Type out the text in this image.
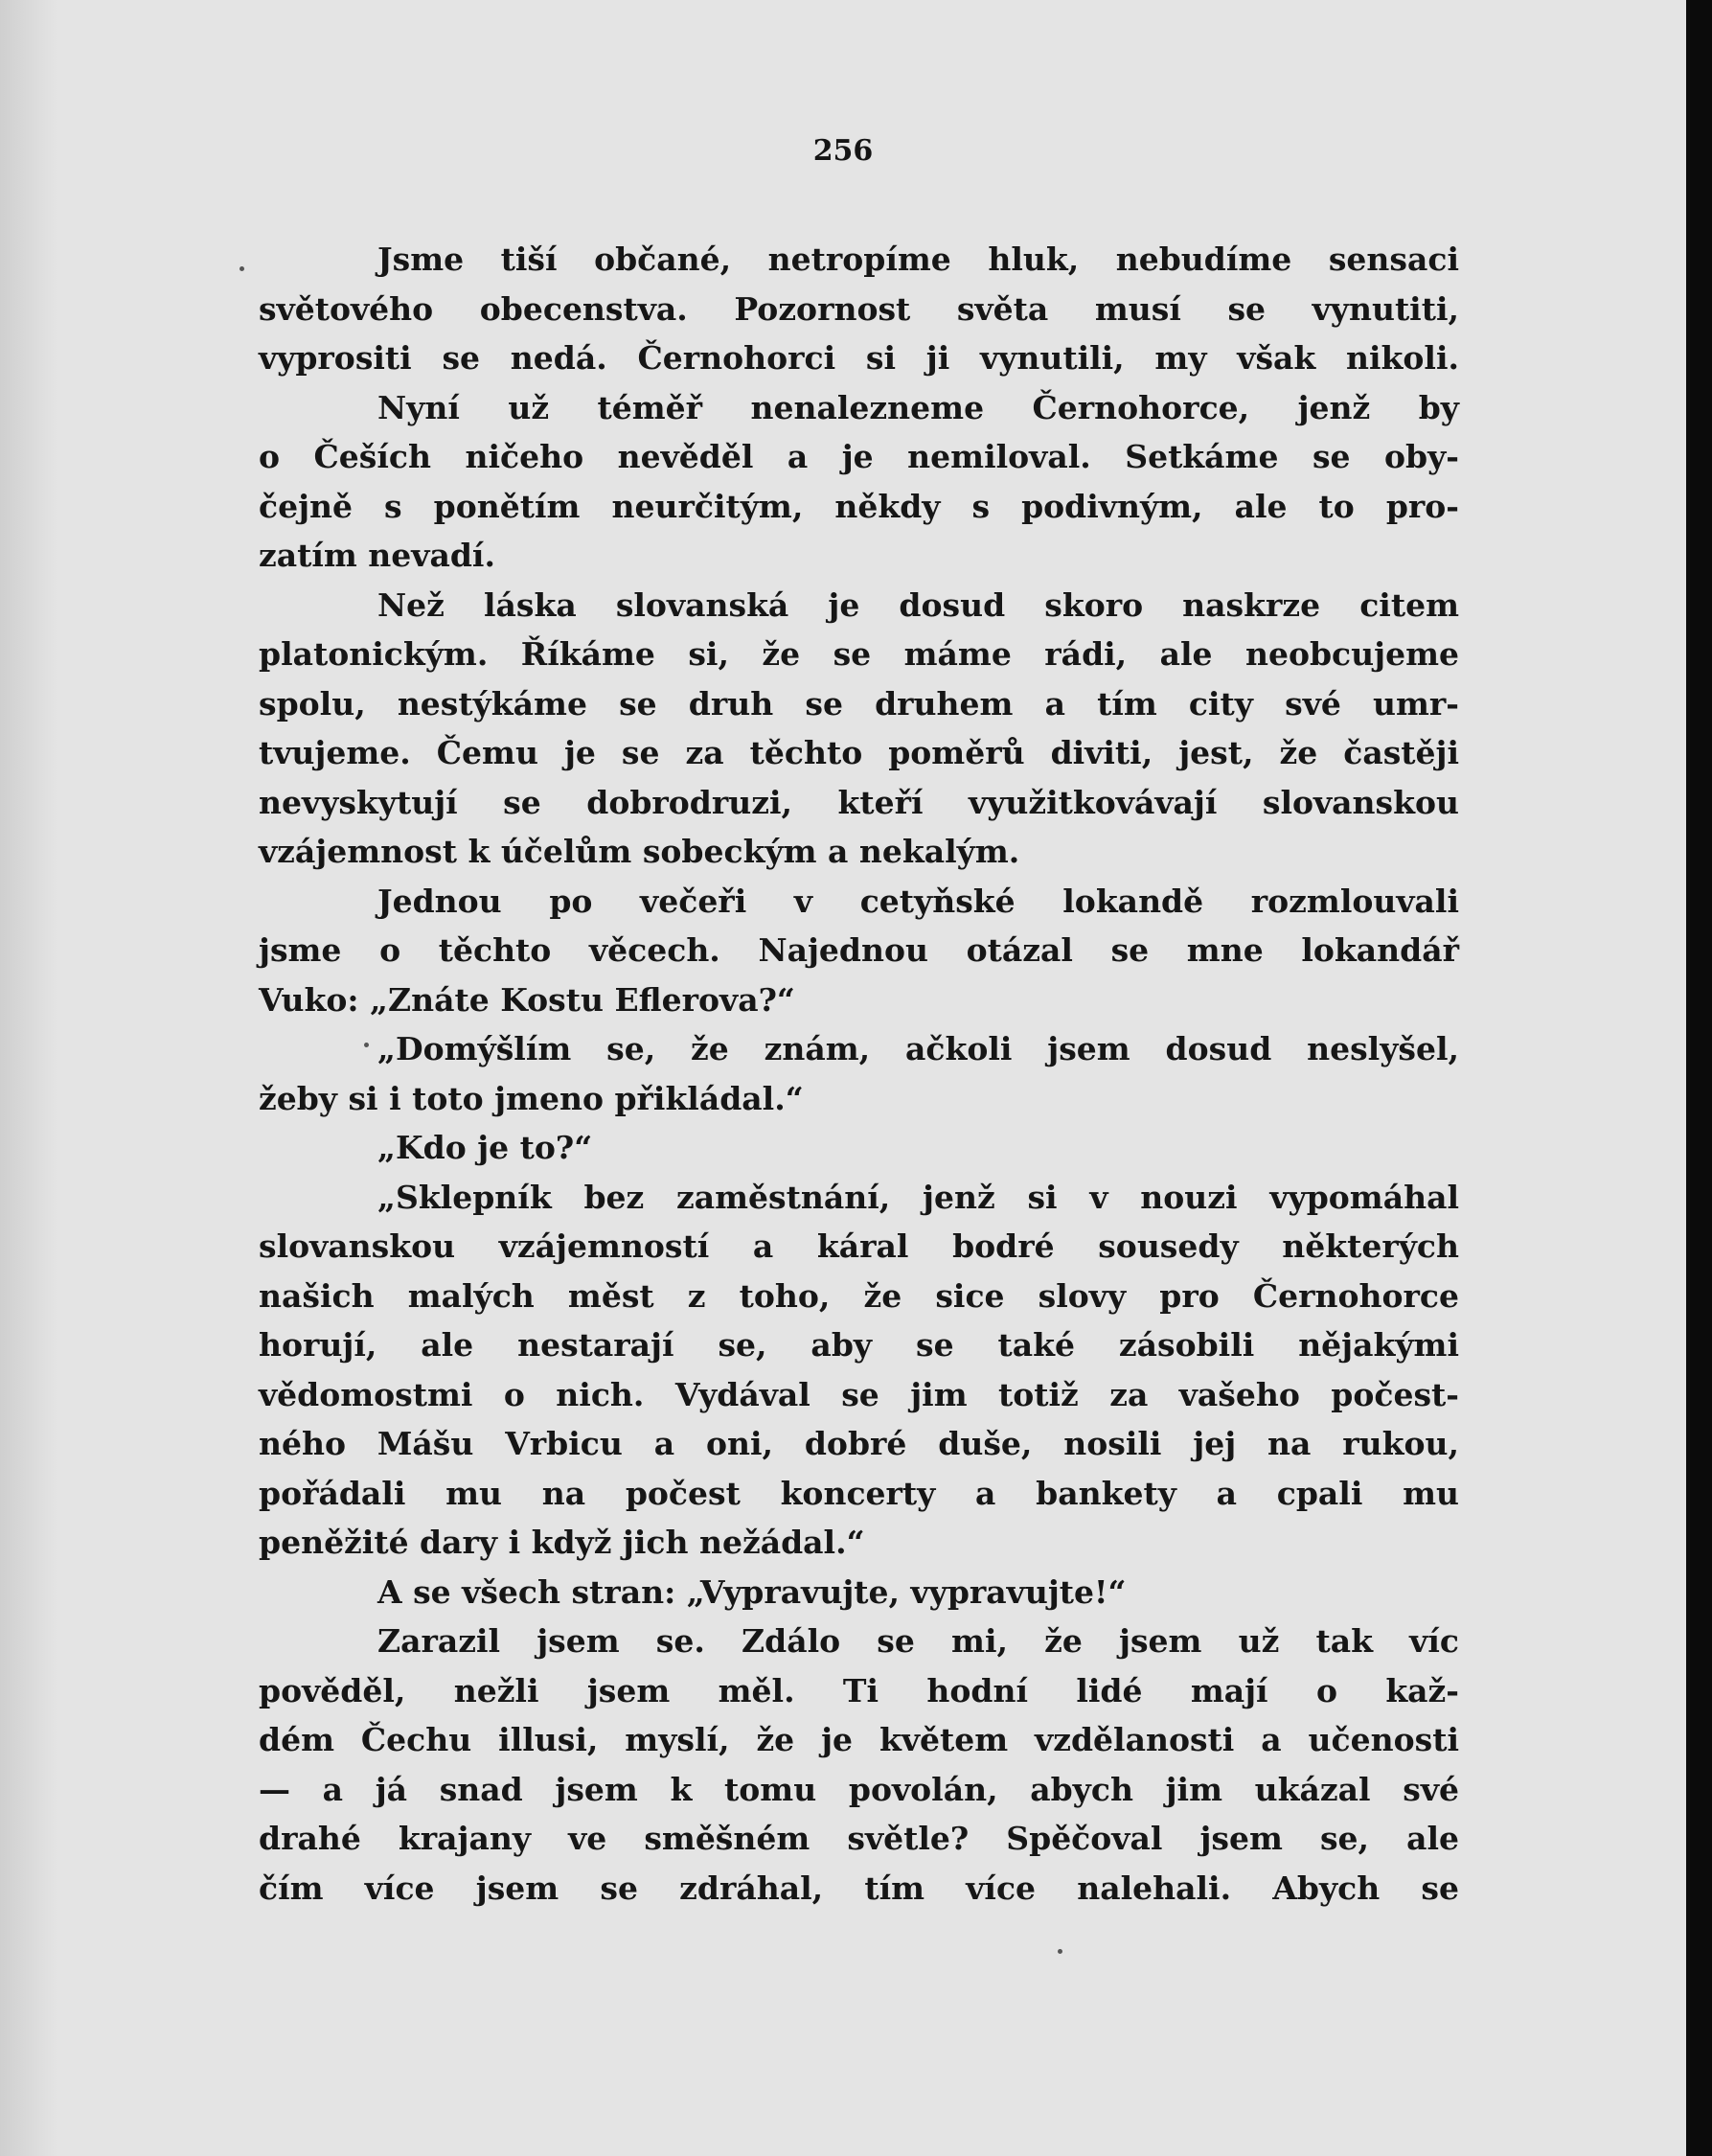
256
Jsme tiší občané, netropíme hluk, nebudíme sensaci
světového obecenstva. Pozornost světa musí se vynutiti,
vyprositi se nedá. Černohorci si ji vynutili, my však nikoli.
Nyní už téměř nenalezneme Černohorce, jenž by
o Češích ničeho nevěděl a je nemiloval. Setkáme se oby-
čejně s ponětím neurčitým, někdy s podivným, ale to pro-
zatím nevadí.
Než láska slovanská je dosud skoro naskrze citem
platonickým. Říkáme si, že se máme rádi, ale neobcujeme
spolu, nestýkáme se druh se druhem a tím city své umr-
tvujeme. Čemu je se za těchto poměrů diviti, jest, že častěji
nevyskytují se dobrodruzi, kteří využitkovávají slovanskou
vzájemnost k účelům sobeckým a nekalým.
Jednou po večeři v cetyňské lokandě rozmlouvali
jsme o těchto věcech. Najednou otázal se mne lokandář
Vuko: „Znáte Kostu Eflerova?“
„Domýšlím se, že znám, ačkoli jsem dosud neslyšel,
žeby si i toto jmeno přikládal.“
„Kdo je to?“
„Sklepník bez zaměstnání, jenž si v nouzi vypomáhal
slovanskou vzájemností a káral bodré sousedy některých
našich malých měst z toho, že sice slovy pro Černohorce
horují, ale nestarají se, aby se také zásobili nějakými
vědomostmi o nich. Vydával se jim totiž za vašeho počest-
ného Mášu Vrbicu a oni, dobré duše, nosili jej na rukou,
pořádali mu na počest koncerty a bankety a cpali mu
peněžité dary i když jich nežádal.“
A se všech stran: „Vypravujte, vypravujte!“
Zarazil jsem se. Zdálo se mi, že jsem už tak víc
pověděl, nežli jsem měl. Ti hodní lidé mají o kaž-
dém Čechu illusi, myslí, že je květem vzdělanosti a učenosti
— a já snad jsem k tomu povolán, abych jim ukázal své
drahé krajany ve směšném světle? Spěčoval jsem se, ale
čím více jsem se zdráhal, tím více nalehali. Abych se
